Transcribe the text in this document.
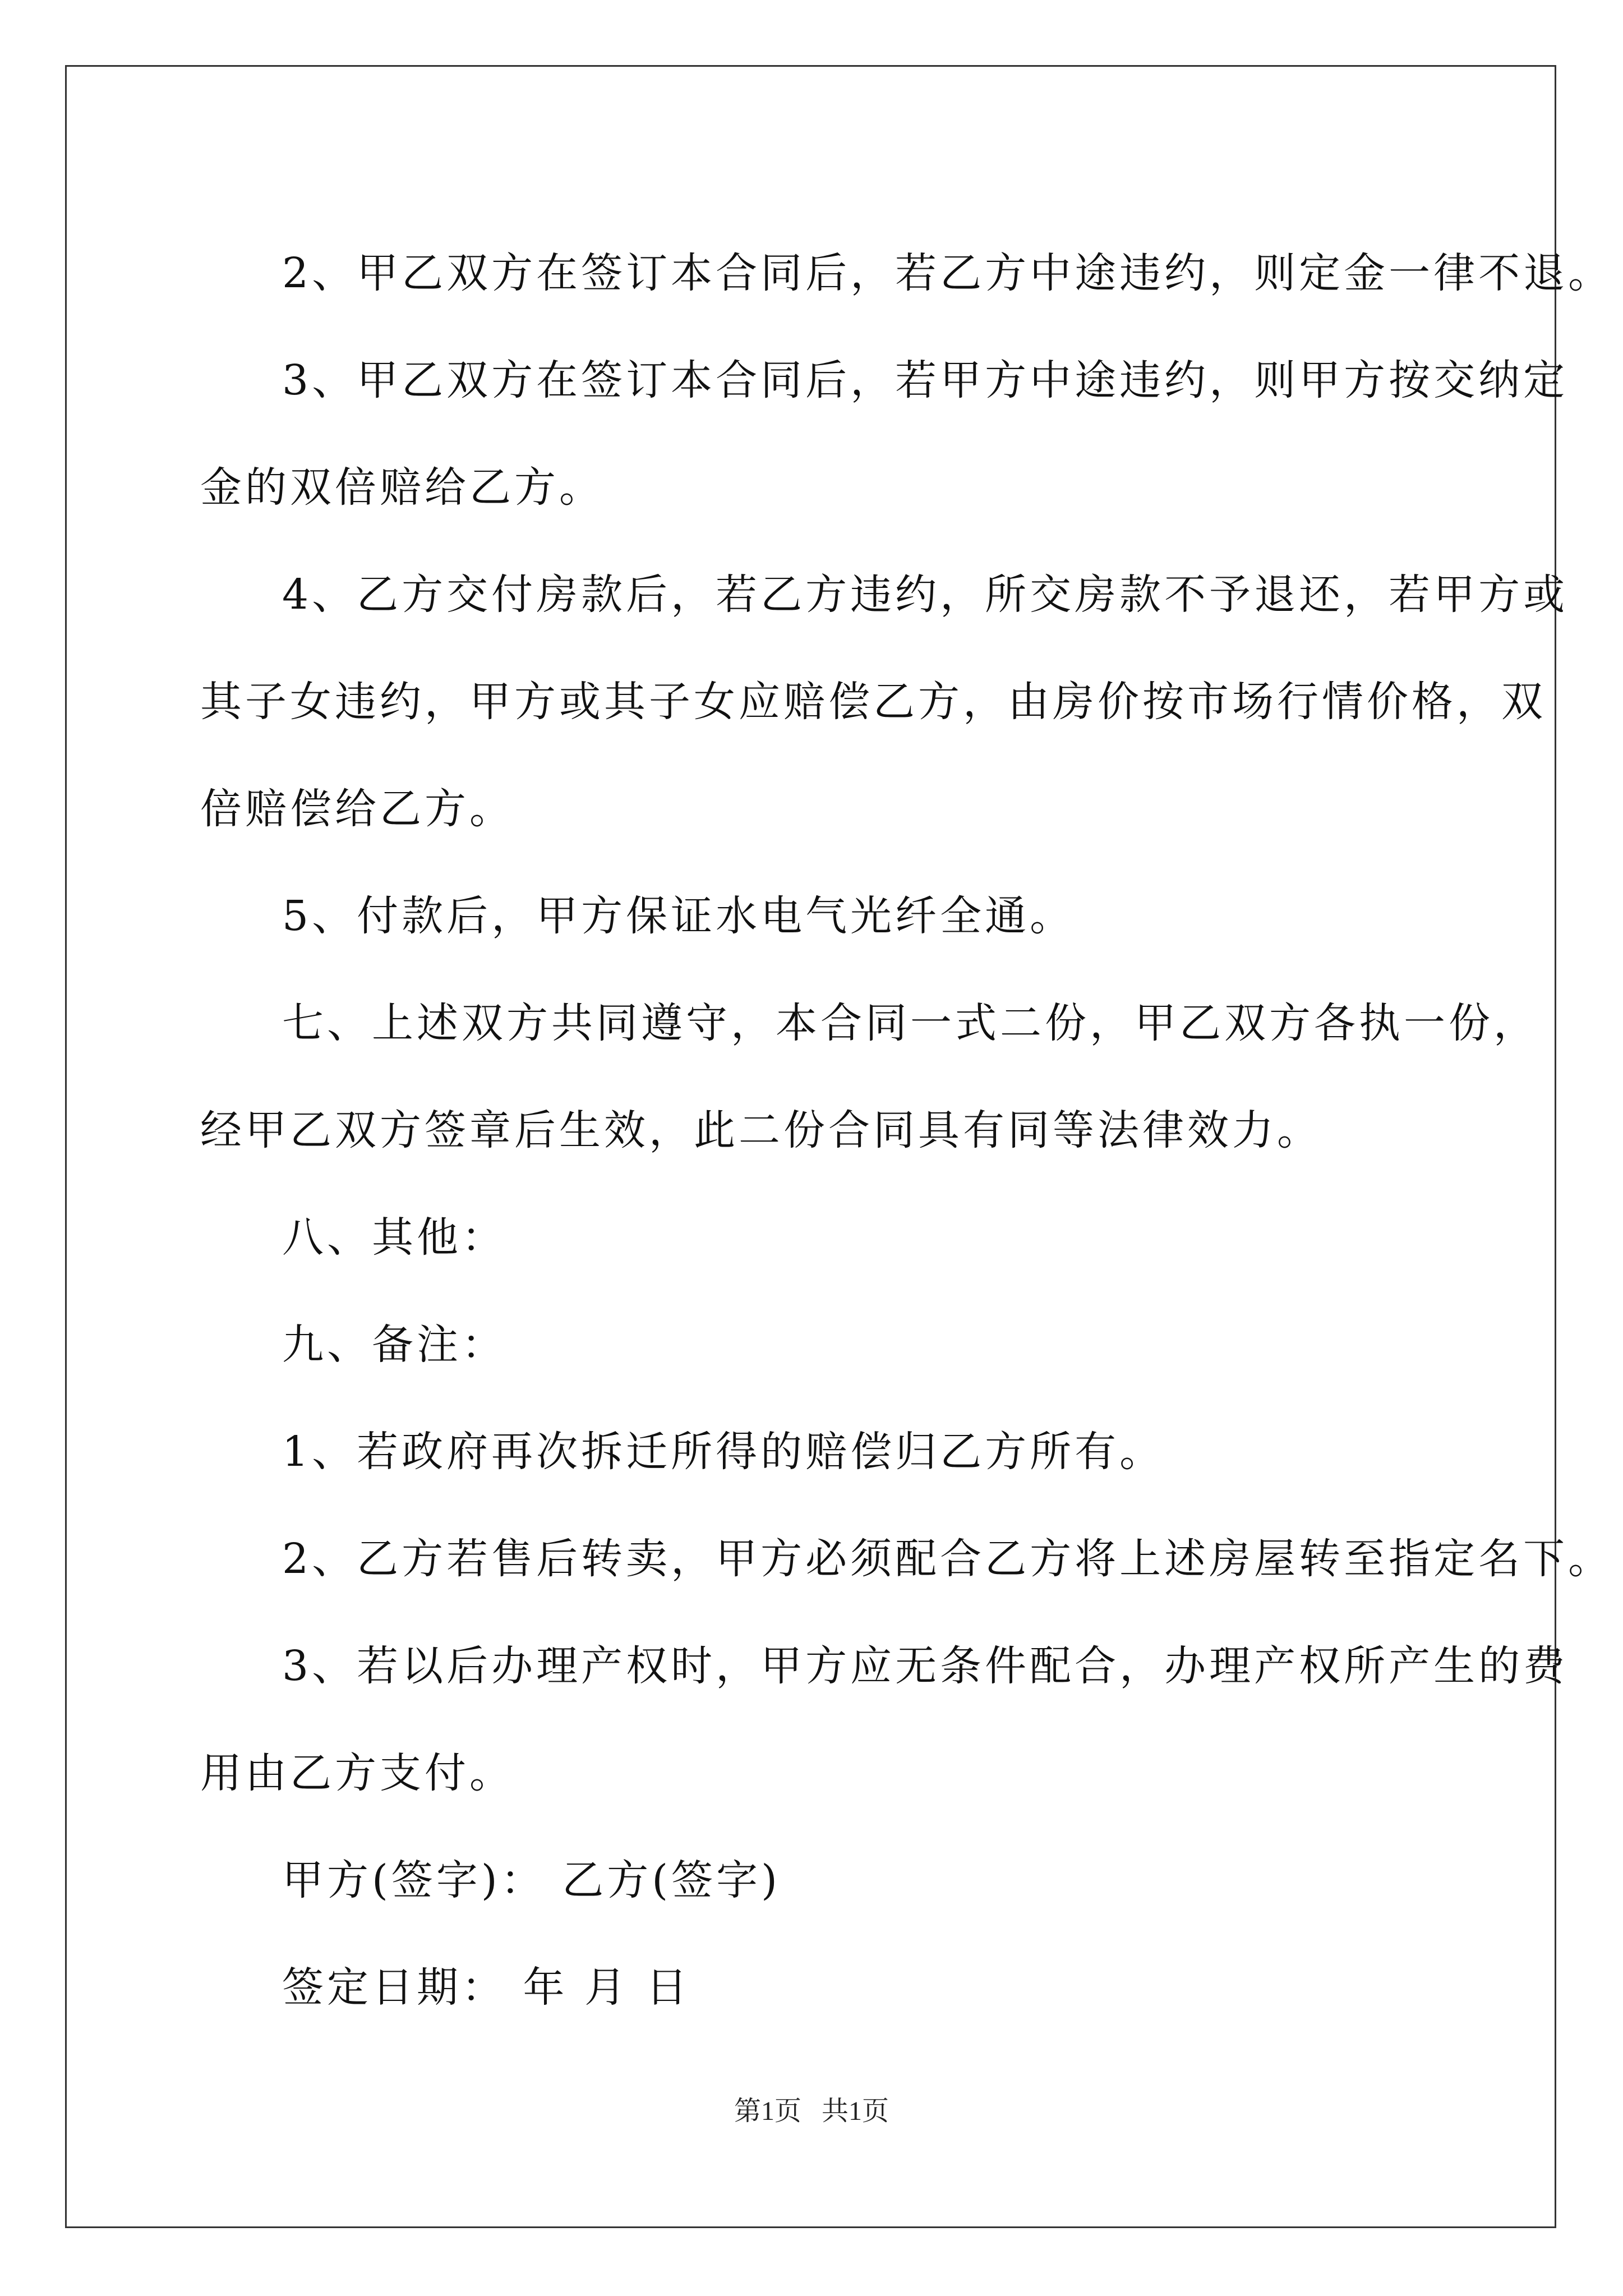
2、甲乙双方在签订本合同后，若乙方中途违约，则定金一律不退。

3、甲乙双方在签订本合同后，若甲方中途违约，则甲方按交纳定

金的双倍赔给乙方。

4、乙方交付房款后，若乙方违约，所交房款不予退还，若甲方或

其子女违约，甲方或其子女应赔偿乙方，由房价按市场行情价格，双

倍赔偿给乙方。

5、付款后，甲方保证水电气光纤全通。

七、上述双方共同遵守，本合同一式二份，甲乙双方各执一份，

经甲乙双方签章后生效，此二份合同具有同等法律效力。

八、其他：

九、备注：

1、若政府再次拆迁所得的赔偿归乙方所有。

2、乙方若售后转卖，甲方必须配合乙方将上述房屋转至指定名下。

3、若以后办理产权时，甲方应无条件配合，办理产权所产生的费

用由乙方支付。

甲方(签字)： 乙方(签字)

签定日期： 年 月 日

第1页   共1页
